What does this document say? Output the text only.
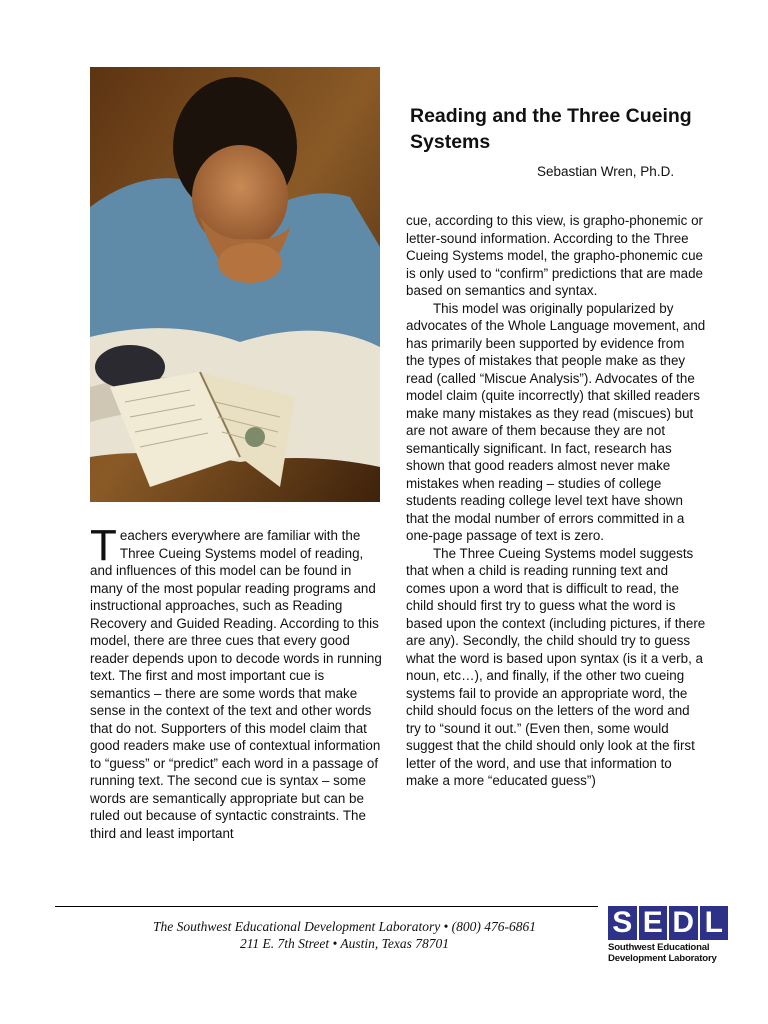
Reading and the Three Cueing Systems
Sebastian Wren, Ph.D.

Teachers everywhere are familiar with the Three Cueing Systems model of reading, and influences of this model can be found in many of the most popular reading programs and instructional approaches, such as Reading Recovery and Guided Reading. According to this model, there are three cues that every good reader depends upon to decode words in running text. The first and most important cue is semantics – there are some words that make sense in the context of the text and other words that do not. Supporters of this model claim that good readers make use of contextual information to “guess” or “predict” each word in a passage of running text. The second cue is syntax – some words are semantically appropriate but can be ruled out because of syntactic constraints. The third and least important

cue, according to this view, is grapho-phonemic or letter-sound information. According to the Three Cueing Systems model, the grapho-phonemic cue is only used to “confirm” predictions that are made based on semantics and syntax.

This model was originally popularized by advocates of the Whole Language movement, and has primarily been supported by evidence from the types of mistakes that people make as they read (called “Miscue Analysis”). Advocates of the model claim (quite incorrectly) that skilled readers make many mistakes as they read (miscues) but are not aware of them because they are not semantically significant. In fact, research has shown that good readers almost never make mistakes when reading – studies of college students reading college level text have shown that the modal number of errors committed in a one-page passage of text is zero.

The Three Cueing Systems model suggests that when a child is reading running text and comes upon a word that is difficult to read, the child should first try to guess what the word is based upon the context (including pictures, if there are any). Secondly, the child should try to guess what the word is based upon syntax (is it a verb, a noun, etc…), and finally, if the other two cueing systems fail to provide an appropriate word, the child should focus on the letters of the word and try to “sound it out.” (Even then, some would suggest that the child should only look at the first letter of the word, and use that information to make a more “educated guess”)

The Southwest Educational Development Laboratory • (800) 476-6861
211 E. 7th Street • Austin, Texas 78701
S E D L
Southwest Educational
Development Laboratory
